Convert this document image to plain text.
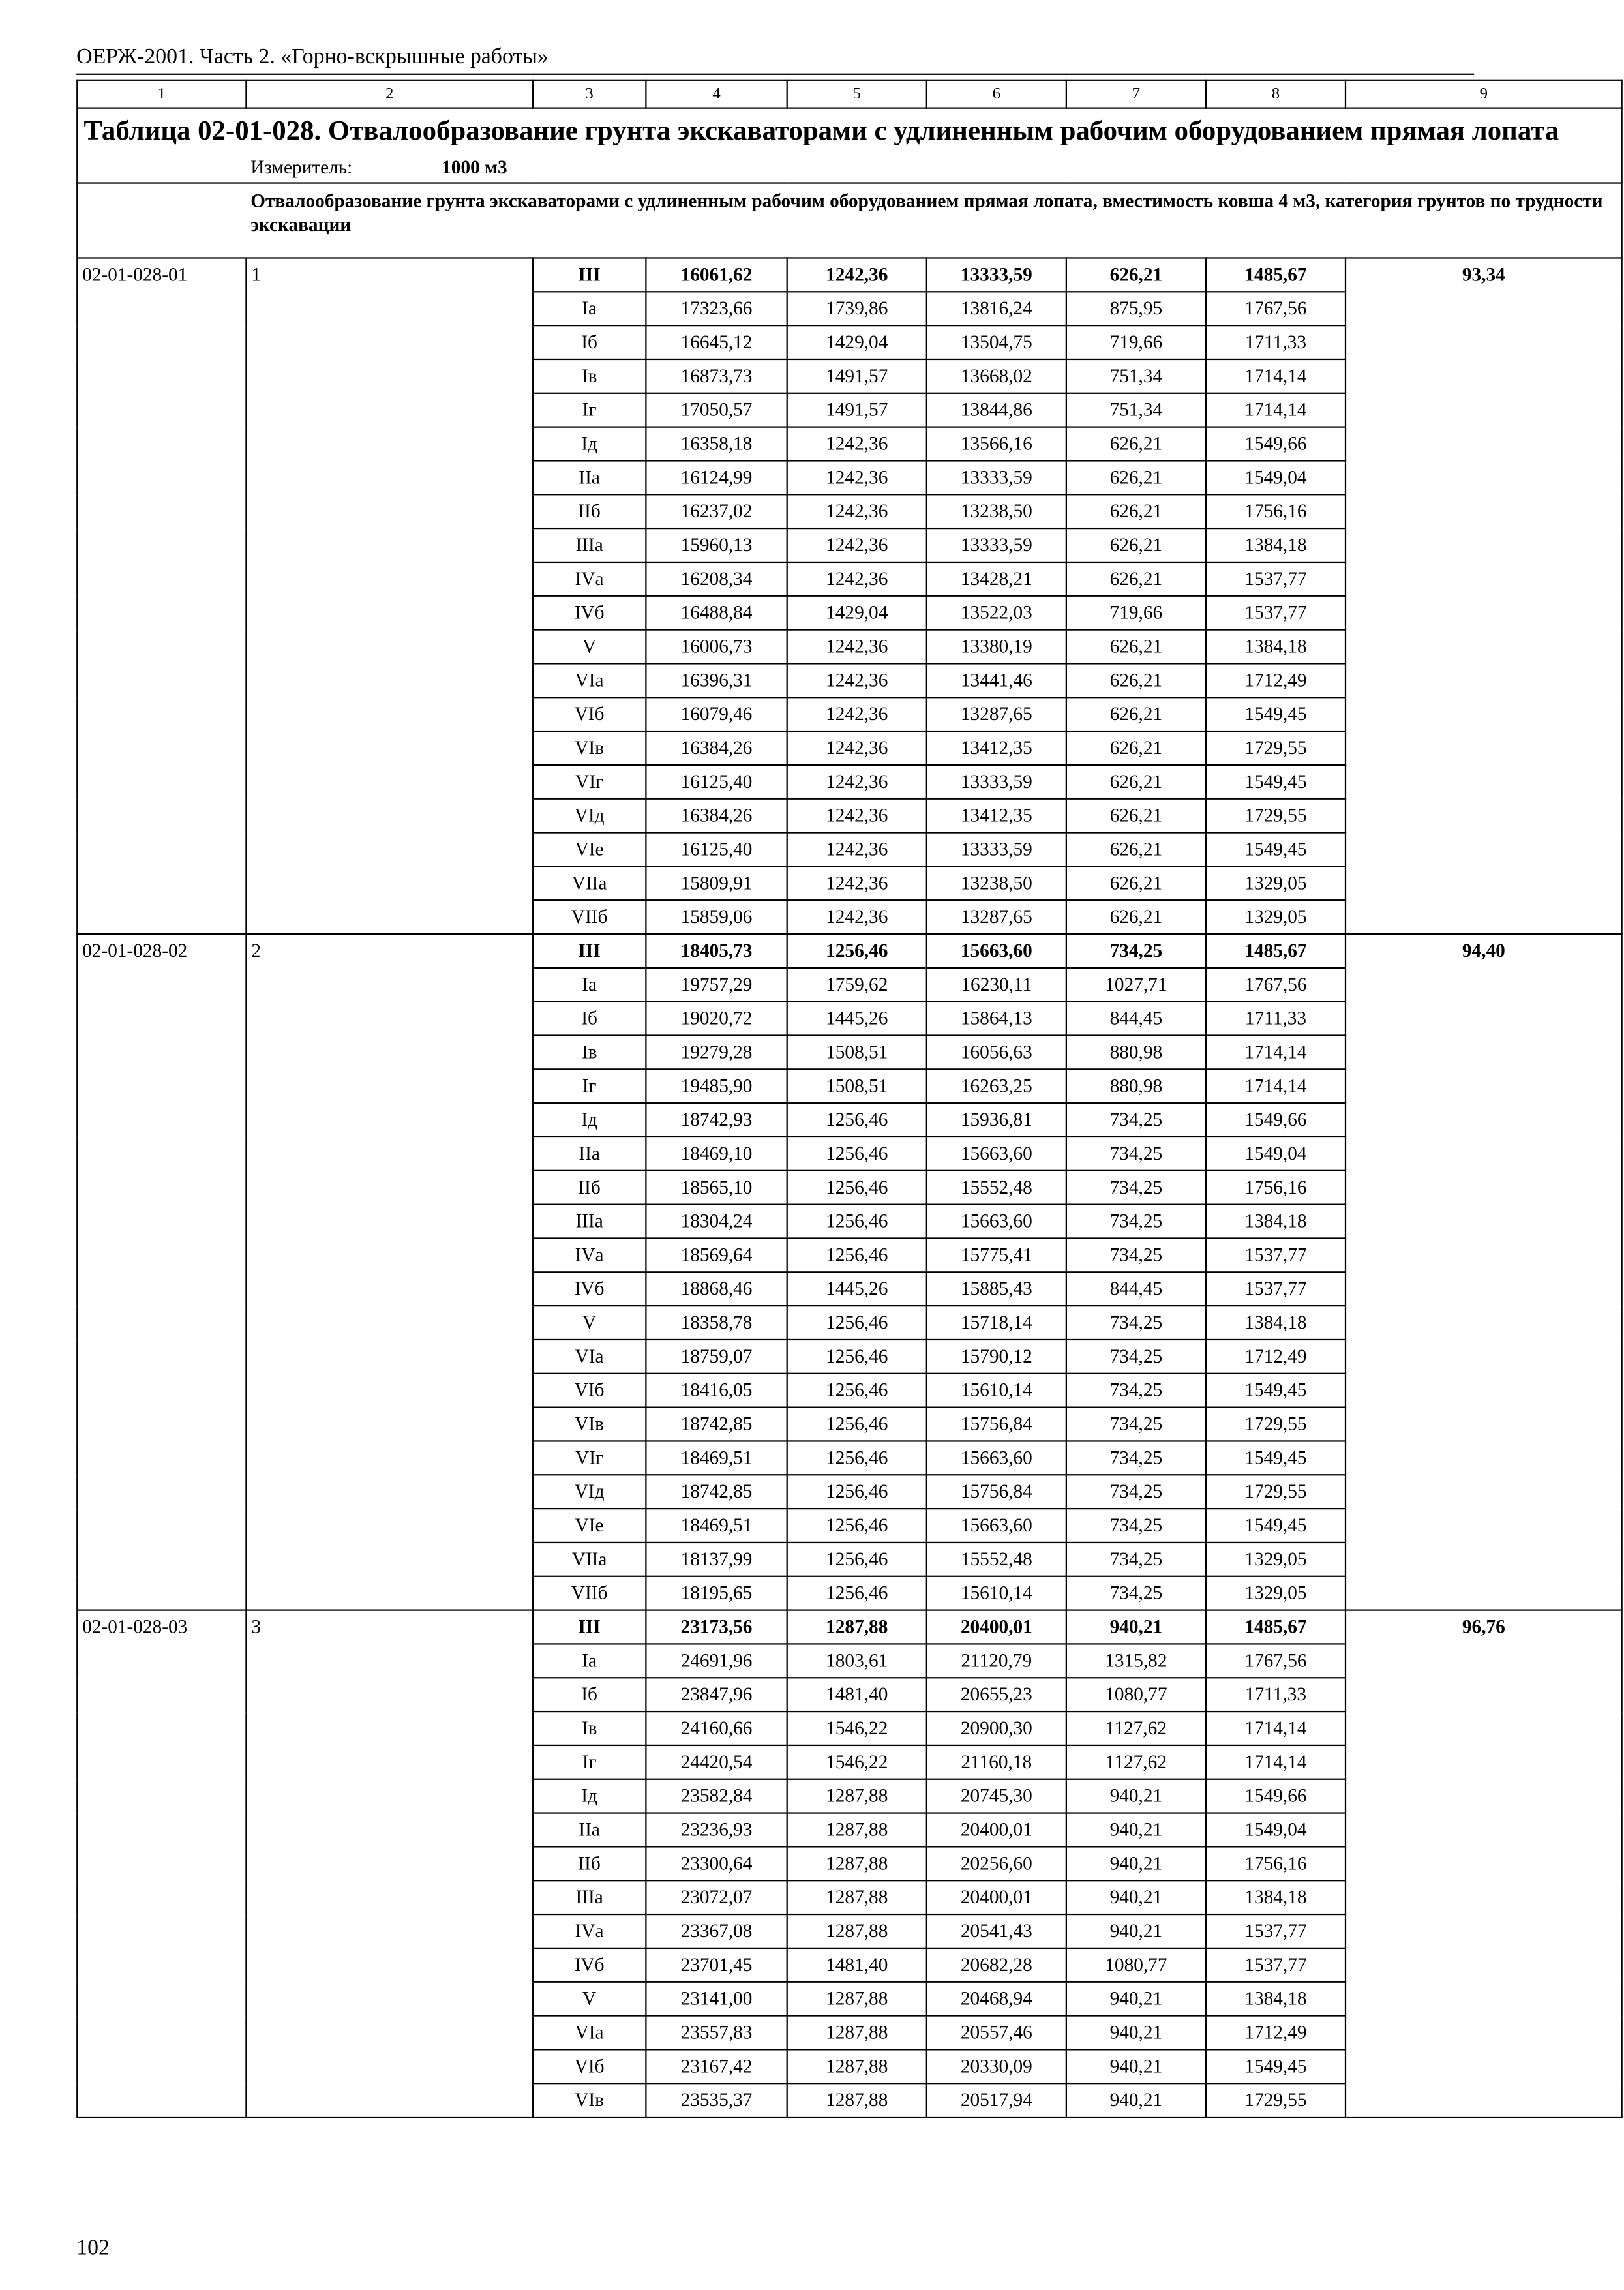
ОЕРЖ-2001. Часть 2. «Горно-вскрышные работы»
1	2	3	4	5	6	7	8	9
Таблица 02-01-028. Отвалообразование грунта экскаваторами с удлиненным рабочим оборудованием прямая лопата								
	Измеритель: 1000 м3							
	Отвалообразование грунта экскаваторами с удлиненным рабочим оборудованием прямая лопата, вместимость ковша 4 м3, категория грунтов по трудности экскавации							
02-01-028-01	1	III	16061,62	1242,36	13333,59	626,21	1485,67	93,34
		Iа	17323,66	1739,86	13816,24	875,95	1767,56	
		Iб	16645,12	1429,04	13504,75	719,66	1711,33	
		Iв	16873,73	1491,57	13668,02	751,34	1714,14	
		Iг	17050,57	1491,57	13844,86	751,34	1714,14	
		Iд	16358,18	1242,36	13566,16	626,21	1549,66	
		IIа	16124,99	1242,36	13333,59	626,21	1549,04	
		IIб	16237,02	1242,36	13238,50	626,21	1756,16	
		IIIа	15960,13	1242,36	13333,59	626,21	1384,18	
		IVа	16208,34	1242,36	13428,21	626,21	1537,77	
		IVб	16488,84	1429,04	13522,03	719,66	1537,77	
		V	16006,73	1242,36	13380,19	626,21	1384,18	
		VIа	16396,31	1242,36	13441,46	626,21	1712,49	
		VIб	16079,46	1242,36	13287,65	626,21	1549,45	
		VIв	16384,26	1242,36	13412,35	626,21	1729,55	
		VIг	16125,40	1242,36	13333,59	626,21	1549,45	
		VIд	16384,26	1242,36	13412,35	626,21	1729,55	
		VIе	16125,40	1242,36	13333,59	626,21	1549,45	
		VIIа	15809,91	1242,36	13238,50	626,21	1329,05	
		VIIб	15859,06	1242,36	13287,65	626,21	1329,05	
02-01-028-02	2	III	18405,73	1256,46	15663,60	734,25	1485,67	94,40
		Iа	19757,29	1759,62	16230,11	1027,71	1767,56	
		Iб	19020,72	1445,26	15864,13	844,45	1711,33	
		Iв	19279,28	1508,51	16056,63	880,98	1714,14	
		Iг	19485,90	1508,51	16263,25	880,98	1714,14	
		Iд	18742,93	1256,46	15936,81	734,25	1549,66	
		IIа	18469,10	1256,46	15663,60	734,25	1549,04	
		IIб	18565,10	1256,46	15552,48	734,25	1756,16	
		IIIа	18304,24	1256,46	15663,60	734,25	1384,18	
		IVа	18569,64	1256,46	15775,41	734,25	1537,77	
		IVб	18868,46	1445,26	15885,43	844,45	1537,77	
		V	18358,78	1256,46	15718,14	734,25	1384,18	
		VIа	18759,07	1256,46	15790,12	734,25	1712,49	
		VIб	18416,05	1256,46	15610,14	734,25	1549,45	
		VIв	18742,85	1256,46	15756,84	734,25	1729,55	
		VIг	18469,51	1256,46	15663,60	734,25	1549,45	
		VIд	18742,85	1256,46	15756,84	734,25	1729,55	
		VIе	18469,51	1256,46	15663,60	734,25	1549,45	
		VIIа	18137,99	1256,46	15552,48	734,25	1329,05	
		VIIб	18195,65	1256,46	15610,14	734,25	1329,05	
02-01-028-03	3	III	23173,56	1287,88	20400,01	940,21	1485,67	96,76
		Iа	24691,96	1803,61	21120,79	1315,82	1767,56	
		Iб	23847,96	1481,40	20655,23	1080,77	1711,33	
		Iв	24160,66	1546,22	20900,30	1127,62	1714,14	
		Iг	24420,54	1546,22	21160,18	1127,62	1714,14	
		Iд	23582,84	1287,88	20745,30	940,21	1549,66	
		IIа	23236,93	1287,88	20400,01	940,21	1549,04	
		IIб	23300,64	1287,88	20256,60	940,21	1756,16	
		IIIа	23072,07	1287,88	20400,01	940,21	1384,18	
		IVа	23367,08	1287,88	20541,43	940,21	1537,77	
		IVб	23701,45	1481,40	20682,28	1080,77	1537,77	
		V	23141,00	1287,88	20468,94	940,21	1384,18	
		VIа	23557,83	1287,88	20557,46	940,21	1712,49	
		VIб	23167,42	1287,88	20330,09	940,21	1549,45	
		VIв	23535,37	1287,88	20517,94	940,21	1729,55	
102
